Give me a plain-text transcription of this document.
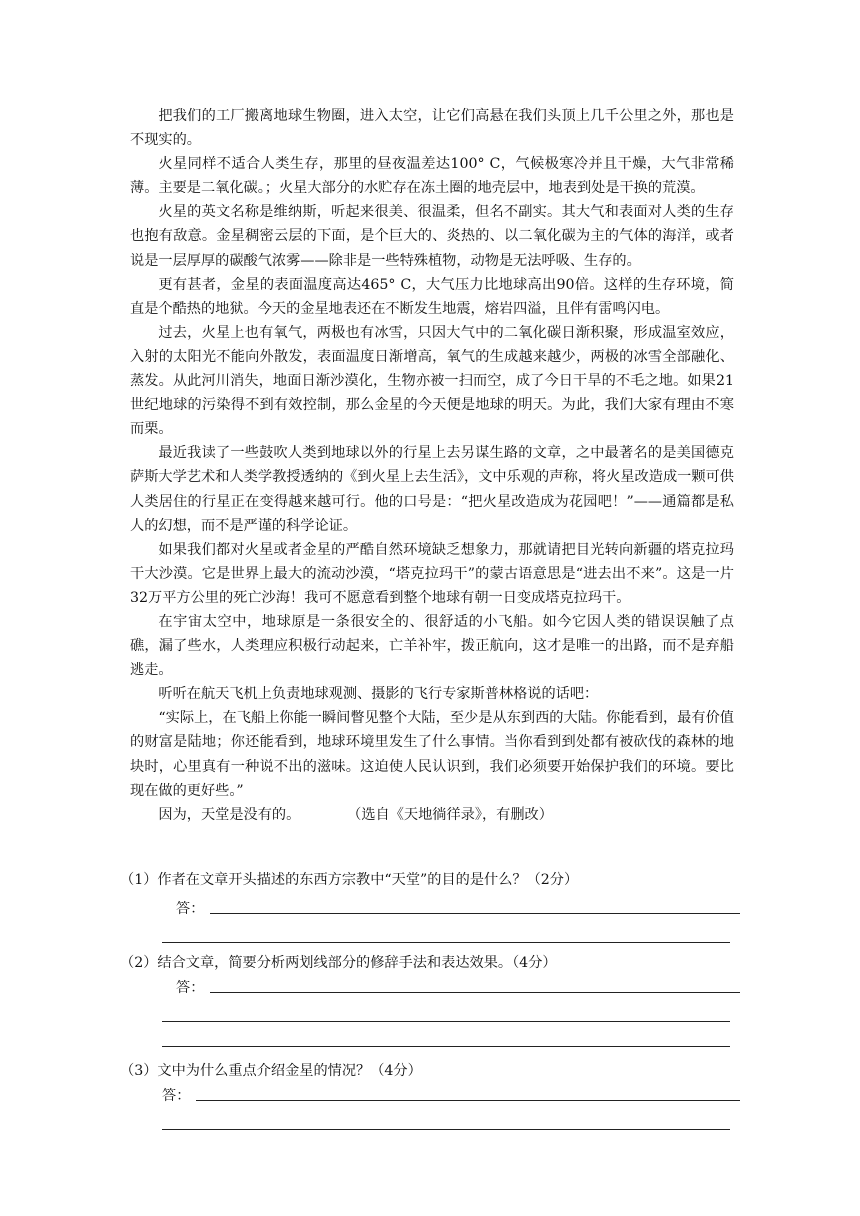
把我们的工厂搬离地球生物圈，进入太空，让它们高悬在我们头顶上几千公里之外，那也是不现实的。

火星同样不适合人类生存，那里的昼夜温差达100° C，气候极寒冷并且干燥，大气非常稀薄。主要是二氧化碳。；火星大部分的水贮存在冻土圈的地壳层中，地表到处是干换的荒漠。

火星的英文名称是维纳斯，听起来很美、很温柔，但名不副实。其大气和表面对人类的生存也抱有敌意。金星稠密云层的下面，是个巨大的、炎热的、以二氧化碳为主的气体的海洋，或者说是一层厚厚的碳酸气浓雾——除非是一些特殊植物，动物是无法呼吸、生存的。

更有甚者，金星的表面温度高达465° C，大气压力比地球高出90倍。这样的生存环境，简直是个酷热的地狱。今天的金星地表还在不断发生地震，熔岩四溢，且伴有雷鸣闪电。

过去，火星上也有氧气，两极也有冰雪，只因大气中的二氧化碳日渐积聚，形成温室效应，入射的太阳光不能向外散发，表面温度日渐增高，氧气的生成越来越少，两极的冰雪全部融化、蒸发。从此河川消失，地面日渐沙漠化，生物亦被一扫而空，成了今日干旱的不毛之地。如果21世纪地球的污染得不到有效控制，那么金星的今天便是地球的明天。为此，我们大家有理由不寒而栗。

最近我读了一些鼓吹人类到地球以外的行星上去另谋生路的文章，之中最著名的是美国德克萨斯大学艺术和人类学教授透纳的《到火星上去生活》，文中乐观的声称，将火星改造成一颗可供人类居住的行星正在变得越来越可行。他的口号是：“把火星改造成为花园吧！”——通篇都是私人的幻想，而不是严谨的科学论证。

如果我们都对火星或者金星的严酷自然环境缺乏想象力，那就请把目光转向新疆的塔克拉玛干大沙漠。它是世界上最大的流动沙漠，“塔克拉玛干”的蒙古语意思是“进去出不来”。这是一片32万平方公里的死亡沙海！我可不愿意看到整个地球有朝一日变成塔克拉玛干。

在宇宙太空中，地球原是一条很安全的、很舒适的小飞船。如今它因人类的错误误触了点礁，漏了些水，人类理应积极行动起来，亡羊补牢，拨正航向，这才是唯一的出路，而不是弃船逃走。

听听在航天飞机上负责地球观测、摄影的飞行专家斯普林格说的话吧：

“实际上，在飞船上你能一瞬间瞥见整个大陆，至少是从东到西的大陆。你能看到，最有价值的财富是陆地；你还能看到，地球环境里发生了什么事情。当你看到到处都有被砍伐的森林的地块时，心里真有一种说不出的滋味。这迫使人民认识到，我们必须要开始保护我们的环境。要比现在做的更好些。”

因为，天堂是没有的。	（选自《天地徜徉录》，有删改）

（1）作者在文章开头描述的东西方宗教中“天堂”的目的是什么？（2分）

答：

（2）结合文章，简要分析两划线部分的修辞手法和表达效果。（4分）

答：

（3）文中为什么重点介绍金星的情况？（4分）

答：
